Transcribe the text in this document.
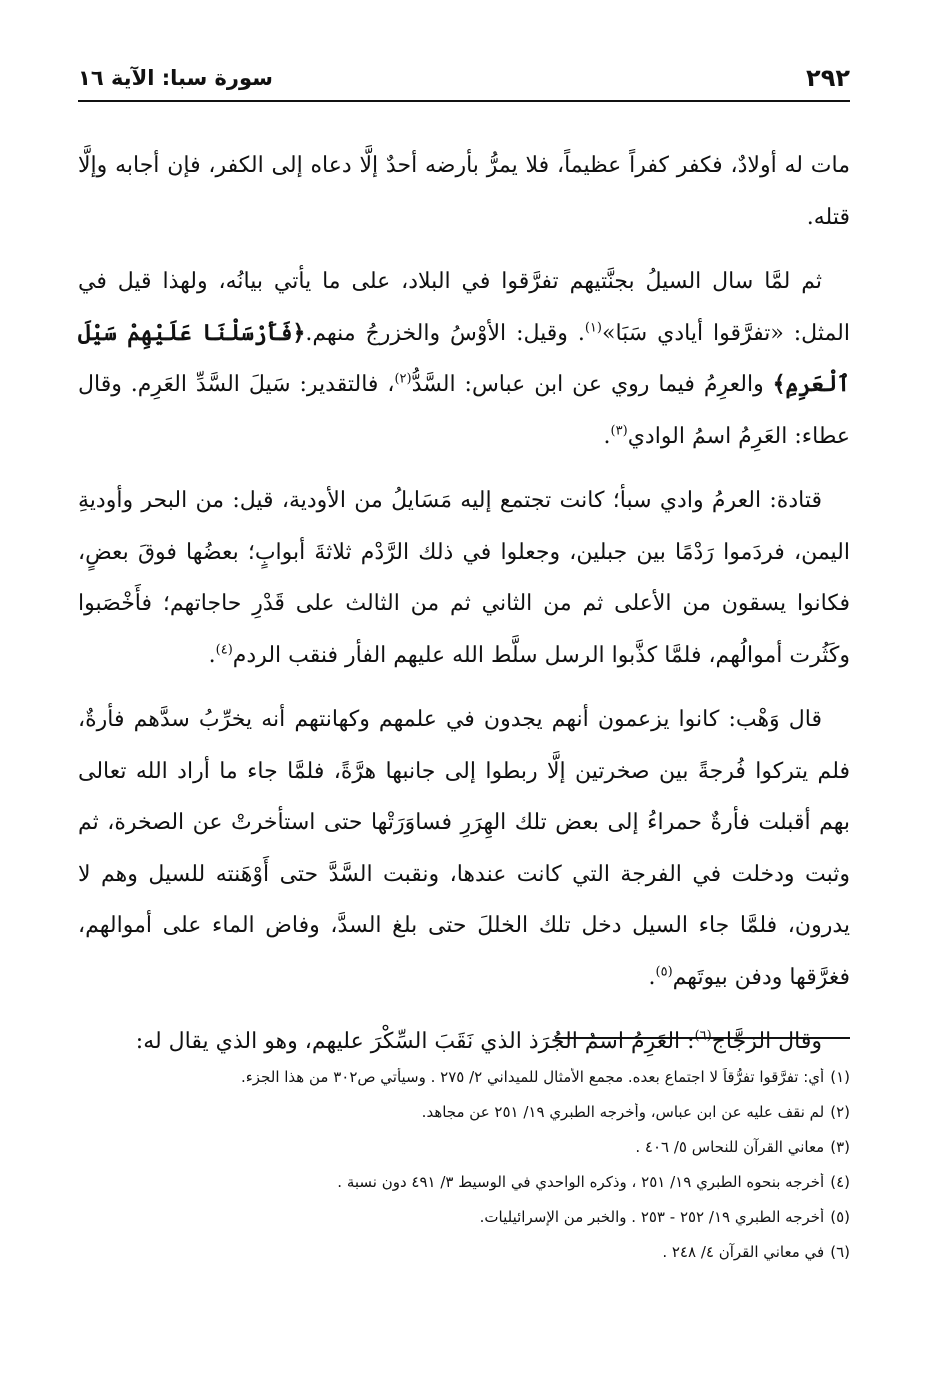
سورة سبا: الآية ١٦	٢٩٢

مات له أولادٌ، فكفر كفراً عظيماً، فلا يمرُّ بأرضه أحدٌ إلَّا دعاه إلى الكفر، فإن أجابه وإلَّا قتله.

ثم لمَّا سال السيلُ بجنَّتيهم تفرَّقوا في البلاد، على ما يأتي بيانُه، ولهذا قيل في المثل: «تفرَّقوا أيادي سَبَا»$^{(١)}$. وقيل: الأوْسُ والخزرجُ منهم.﴿فَأَرْسَلْنَا عَلَيْهِمْ سَيْلَ ٱلْعَرِمِ﴾ والعرِمُ فيما روي عن ابن عباس: السَّدُّ$^{(٢)}$، فالتقدير: سَيلَ السَّدِّ العَرِم. وقال عطاء: العَرِمُ اسمُ الوادي$^{(٣)}$.

قتادة: العرمُ وادي سبأ؛ كانت تجتمع إليه مَسَايلُ من الأودية، قيل: من البحر وأوديةِ اليمن، فردَموا رَدْمًا بين جبلين، وجعلوا في ذلك الرَّدْم ثلاثةَ أبوابٍ؛ بعضُها فوقَ بعضٍ، فكانوا يسقون من الأعلى ثم من الثاني ثم من الثالث على قَدْرِ حاجاتهم؛ فأَخْصَبوا وكَثُرت أموالُهم، فلمَّا كذَّبوا الرسل سلَّط الله عليهم الفأر فنقب الردم$^{(٤)}$.

قال وَهْب: كانوا يزعمون أنهم يجدون في علمهم وكهانتهم أنه يخرِّبُ سدَّهم فأرةٌ، فلم يتركوا فُرجةً بين صخرتين إلَّا ربطوا إلى جانبها هرَّةً، فلمَّا جاء ما أراد الله تعالى بهم أقبلت فأرةٌ حمراءُ إلى بعض تلك الهِرَرِ فساوَرَتْها حتى استأخرتْ عن الصخرة، ثم وثبت ودخلت في الفرجة التي كانت عندها، ونقبت السَّدَّ حتى أَوْهَنته للسيل وهم لا يدرون، فلمَّا جاء السيل دخل تلك الخللَ حتى بلغ السدَّ، وفاض الماء على أموالهم، فغرَّقها ودفن بيوتَهم$^{(٥)}$.

وقال الزجَّاج$^{(٦)}$: العَرِمُ اسمُ الجُرَذ الذي نَقَبَ السِّكْرَ عليهم، وهو الذي يقال له:

(١)أي: تفرَّقوا تفرُّقاً لا اجتماع بعده. مجمع الأمثال للميداني ٢/ ٢٧٥ . وسيأتي ص٣٠٢ من هذا الجزء.
(٢)لم نقف عليه عن ابن عباس، وأخرجه الطبري ١٩/ ٢٥١ عن مجاهد.
(٣)معاني القرآن للنحاس ٥/ ٤٠٦ .
(٤)أخرجه بنحوه الطبري ١٩/ ٢٥١ ، وذكره الواحدي في الوسيط ٣/ ٤٩١ دون نسبة .
(٥)أخرجه الطبري ١٩/ ٢٥٢ - ٢٥٣ . والخبر من الإسرائيليات.
(٦)في معاني القرآن ٤/ ٢٤٨ .
